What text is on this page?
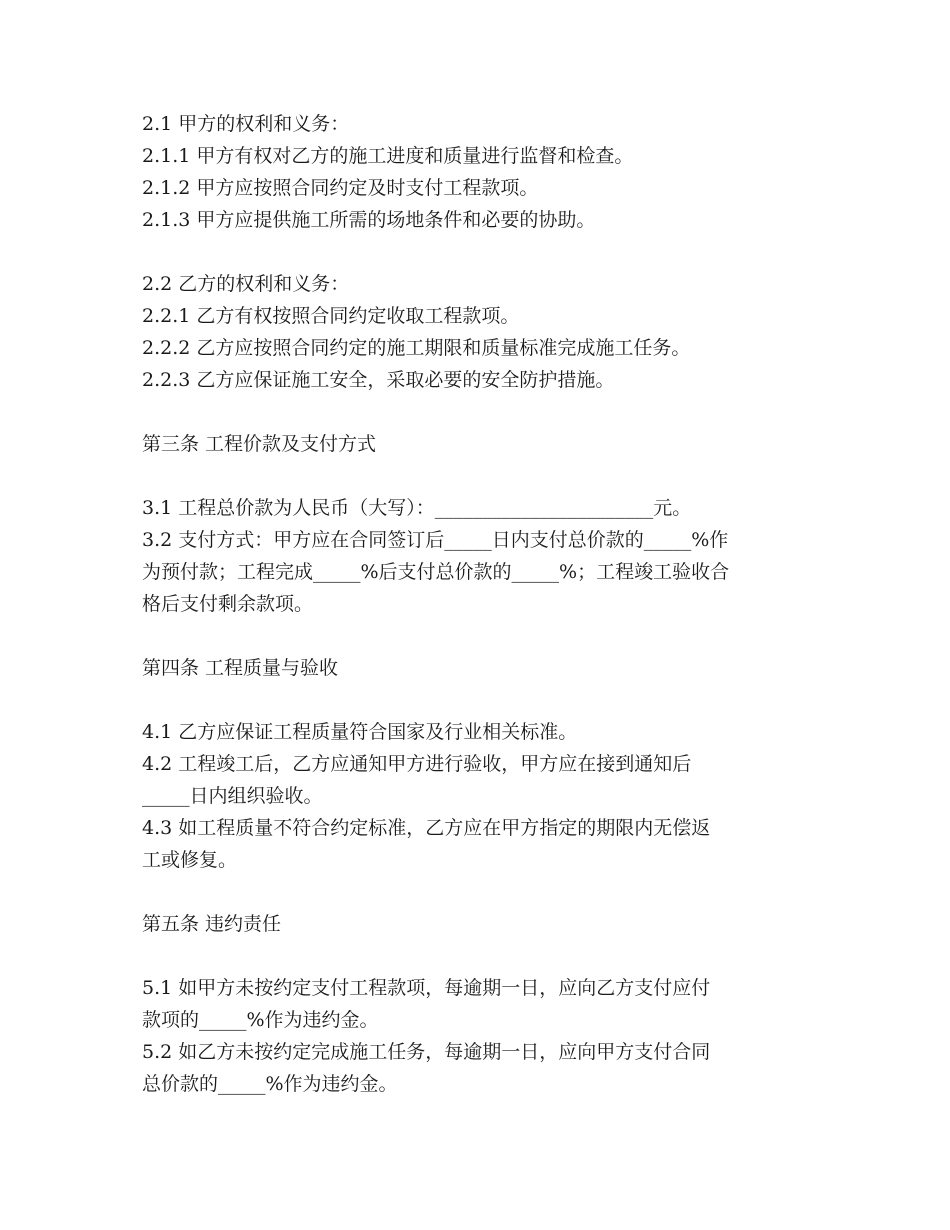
2.1 甲方的权利和义务：
2.1.1 甲方有权对乙方的施工进度和质量进行监督和检查。
2.1.2 甲方应按照合同约定及时支付工程款项。
2.1.3 甲方应提供施工所需的场地条件和必要的协助。
2.2 乙方的权利和义务：
2.2.1 乙方有权按照合同约定收取工程款项。
2.2.2 乙方应按照合同约定的施工期限和质量标准完成施工任务。
2.2.3 乙方应保证施工安全，采取必要的安全防护措施。
第三条 工程价款及支付方式
3.1 工程总价款为人民币（大写）：_______________________元。
3.2 支付方式：甲方应在合同签订后_____日内支付总价款的_____%作
为预付款；工程完成_____%后支付总价款的_____%；工程竣工验收合
格后支付剩余款项。
第四条 工程质量与验收
4.1 乙方应保证工程质量符合国家及行业相关标准。
4.2 工程竣工后，乙方应通知甲方进行验收，甲方应在接到通知后
_____日内组织验收。
4.3 如工程质量不符合约定标准，乙方应在甲方指定的期限内无偿返
工或修复。
第五条 违约责任
5.1 如甲方未按约定支付工程款项，每逾期一日，应向乙方支付应付
款项的_____%作为违约金。
5.2 如乙方未按约定完成施工任务，每逾期一日，应向甲方支付合同
总价款的_____%作为违约金。
